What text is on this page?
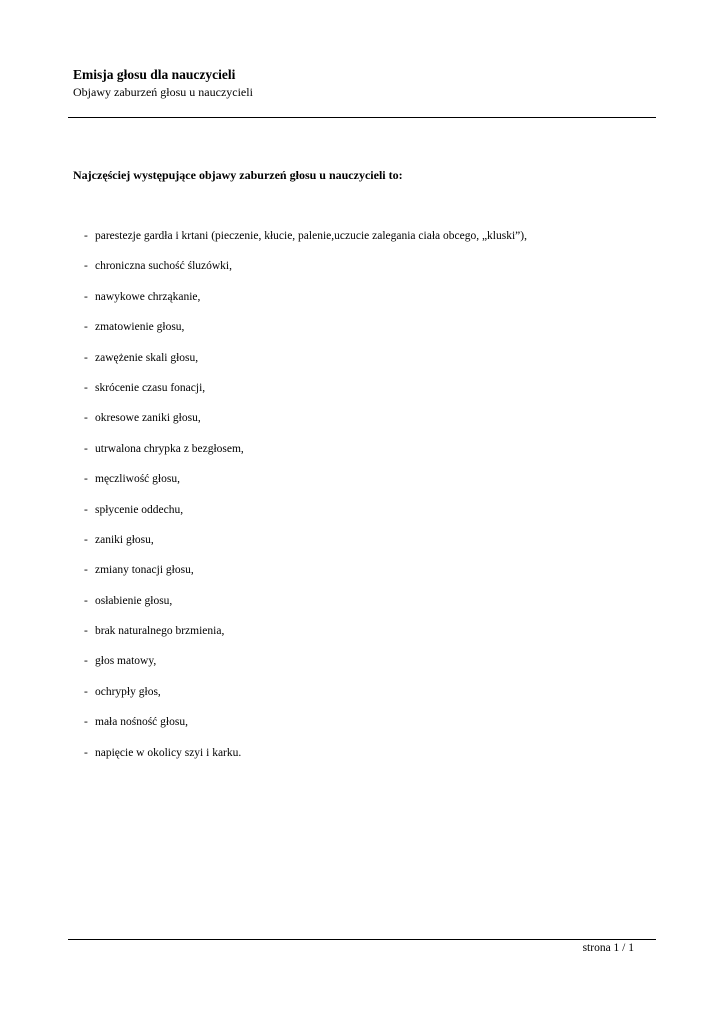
Emisja głosu dla nauczycieli
Objawy zaburzeń głosu u nauczycieli
Najczęściej występujące objawy zaburzeń głosu u nauczycieli to:
- parestezje gardła i krtani (pieczenie, kłucie, palenie,uczucie zalegania ciała obcego, „kluski”),
- chroniczna suchość śluzówki,
- nawykowe chrząkanie,
- zmatowienie głosu,
- zawężenie skali głosu,
- skrócenie czasu fonacji,
- okresowe zaniki głosu,
- utrwalona chrypka z bezgłosem,
- męczliwość głosu,
- spłycenie oddechu,
- zaniki głosu,
- zmiany tonacji głosu,
- osłabienie głosu,
- brak naturalnego brzmienia,
- głos matowy,
- ochrypły głos,
- mała nośność głosu,
- napięcie w okolicy szyi i karku.
strona 1 / 1
